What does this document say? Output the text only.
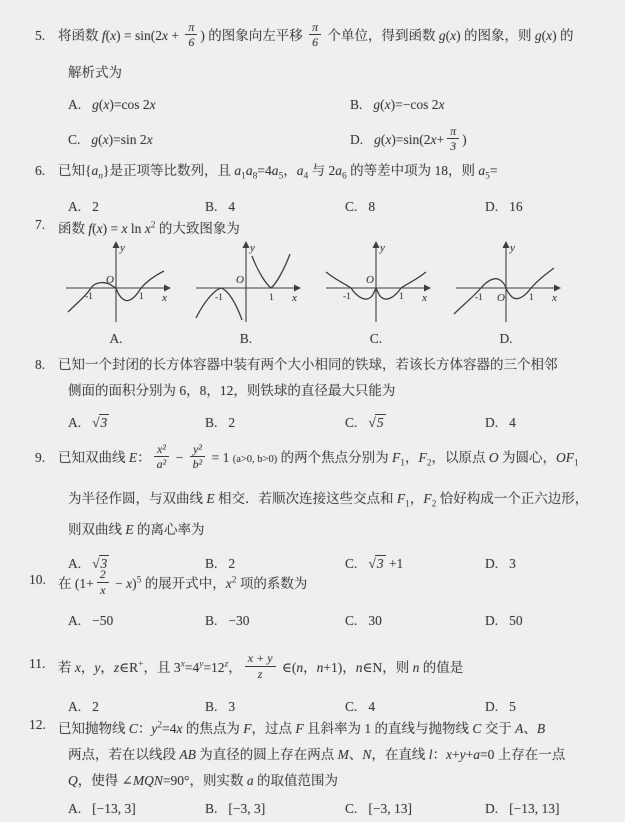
5. 将函数 $f(x) = \sin(2x + \frac{\pi}{6}$ ) 的图象向左平移 $\frac{\pi}{6}$ 个单位，得到函数 g(x) 的图象，则 g(x) 的
解析式为
A. g(x)=cos 2x	B. g(x)=−cos 2x
C. g(x)=sin 2x	D. $g(x)=\sin(2x+ \frac{\pi}{3}$ )
6. 已知$\{a_n\}$是正项等比数列，且 $a_1a_8=4a_5$，$a_4$ 与 $2a_6$ 的等差中项为 18，则 $a_5=$
A. 2	B. 4	C. 8	D. 16
7. 函数 f(x) = x $\ln x^2$ 的大致图象为
y
x
O
-1	1
y
x
O
-1	1
y
x
O
-1	1
y
x
O
-1	1
A.	B.	C.	D.
8. 已知一个封闭的长方体容器中装有两个大小相同的铁球，若该长方体容器的三个相邻
侧面的面积分别为 6，8，12，则铁球的直径最大只能为
A. √3	B. 2	C. √5	D. 4
9. 已知双曲线 E： $\frac{\text{x²}}{\text{a²}} - \frac{\text{y²}}{\text{b²}} = 1$ (a>0, b>0) 的两个焦点分别为 $F_1$，$F_2$，以原点 O 为圆心，$OF_1$
为半径作圆，与双曲线 E 相交．若顺次连接这些交点和 $F_1$，$F_2$ 恰好构成一个正六边形，
则双曲线 E 的离心率为
A. √3	B. 2	C. √3 +1	D. 3
10. 在 $(1+ \frac{2}{x} - x)^5$ 的展开式中，$x^2$ 项的系数为
A. −50	B. −30	C. 30	D. 50
11. 若 x，y，z∈R+，且 $3^x=4^y=12^z$， $\frac{x + y}{z}$ ∈(n，n+1)，n∈N，则 n 的值是
A. 2	B. 3	C. 4	D. 5
12. 已知抛物线 C：$y^2=4x$ 的焦点为 F，过点 F 且斜率为 1 的直线与抛物线 C 交于 A、B
两点，若在以线段 AB 为直径的圆上存在两点 M、N，在直线 l：x+y+a=0 上存在一点
Q，使得 ∠MQN=90°，则实数 a 的取值范围为
A. [−13, 3]	B. [−3, 3]	C. [−3, 13]	D. [−13, 13]
